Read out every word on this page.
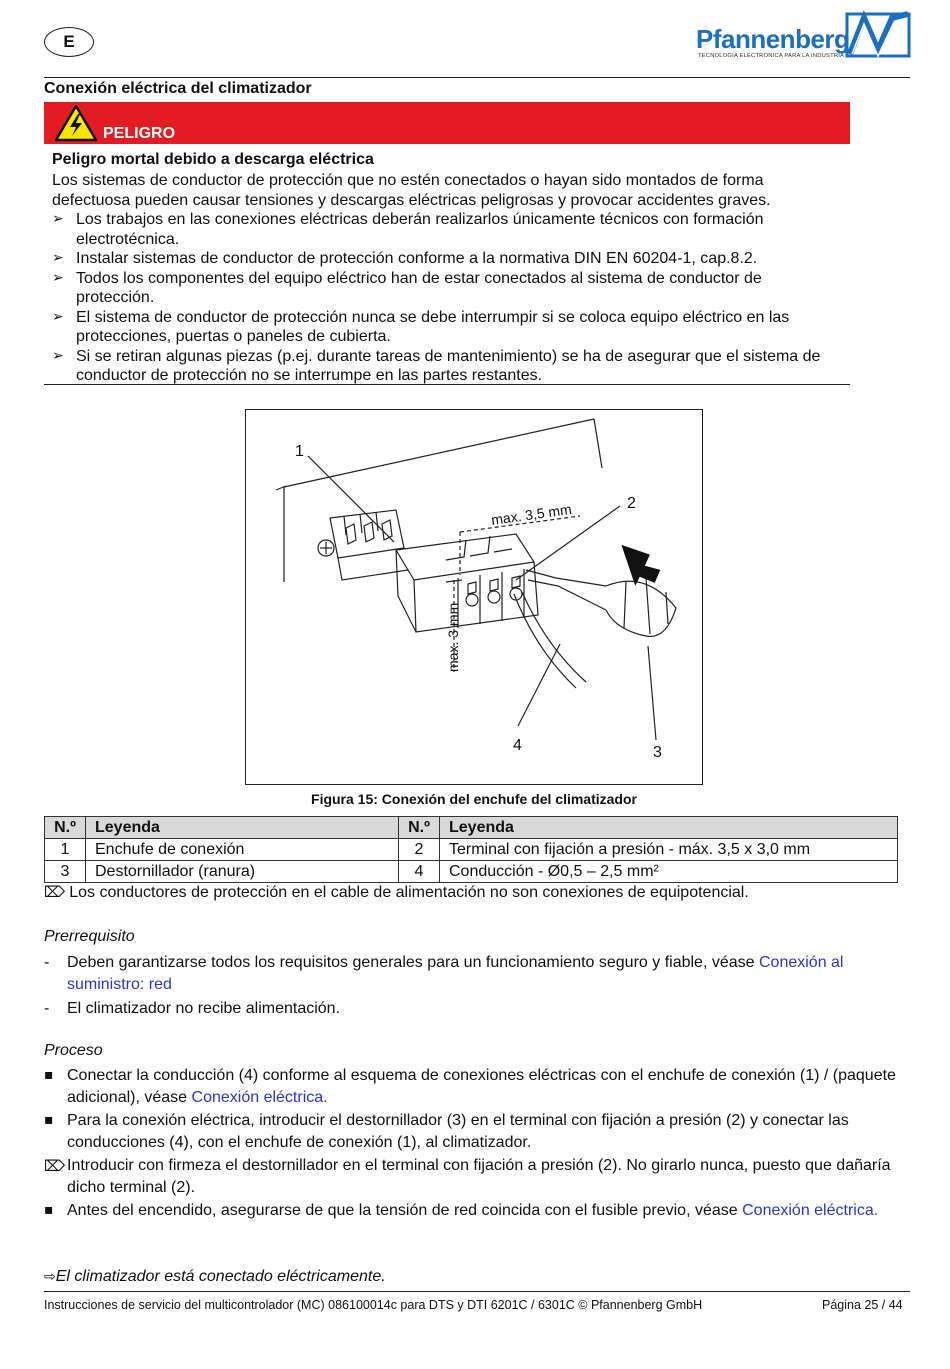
E	Pfannenberg
TECNOLOGÍA ELECTRÓNICA PARA LA INDUSTRIA
Conexión eléctrica del climatizador
PELIGRO
Peligro mortal debido a descarga eléctrica
Los sistemas de conductor de protección que no estén conectados o hayan sido montados de forma defectuosa pueden causar tensiones y descargas eléctricas peligrosas y provocar accidentes graves.
➢ Los trabajos en las conexiones eléctricas deberán realizarlos únicamente técnicos con formación electrotécnica.
➢ Instalar sistemas de conductor de protección conforme a la normativa DIN EN 60204-1, cap.8.2.
➢ Todos los componentes del equipo eléctrico han de estar conectados al sistema de conductor de protección.
➢ El sistema de conductor de protección nunca se debe interrumpir si se coloca equipo eléctrico en las protecciones, puertas o paneles de cubierta.
➢ Si se retiran algunas piezas (p.ej. durante tareas de mantenimiento) se ha de asegurar que el sistema de conductor de protección no se interrumpe en las partes restantes.
1
2
3
4
max. 3,5 mm
max. 3 mm
Figura 15: Conexión del enchufe del climatizador
N.º	Leyenda	N.º	Leyenda
1	Enchufe de conexión	2	Terminal con fijación a presión - máx. 3,5 x 3,0 mm
3	Destornillador (ranura)	4	Conducción - Ø0,5 – 2,5 mm²
⌦ Los conductores de protección en el cable de alimentación no son conexiones de equipotencial.
Prerrequisito
- Deben garantizarse todos los requisitos generales para un funcionamiento seguro y fiable, véase Conexión al suministro: red
- El climatizador no recibe alimentación.
Proceso
▪ Conectar la conducción (4) conforme al esquema de conexiones eléctricas con el enchufe de conexión (1) / (paquete adicional), véase Conexión eléctrica.
▪ Para la conexión eléctrica, introducir el destornillador (3) en el terminal con fijación a presión (2) y conectar las conducciones (4), con el enchufe de conexión (1), al climatizador.
⌦ Introducir con firmeza el destornillador en el terminal con fijación a presión (2). No girarlo nunca, puesto que dañaría dicho terminal (2).
▪ Antes del encendido, asegurarse de que la tensión de red coincida con el fusible previo, véase Conexión eléctrica.
⇨El climatizador está conectado eléctricamente.
Instrucciones de servicio del multicontrolador (MC) 086100014c para DTS y DTI 6201C / 6301C © Pfannenberg GmbH	Página 25 / 44
